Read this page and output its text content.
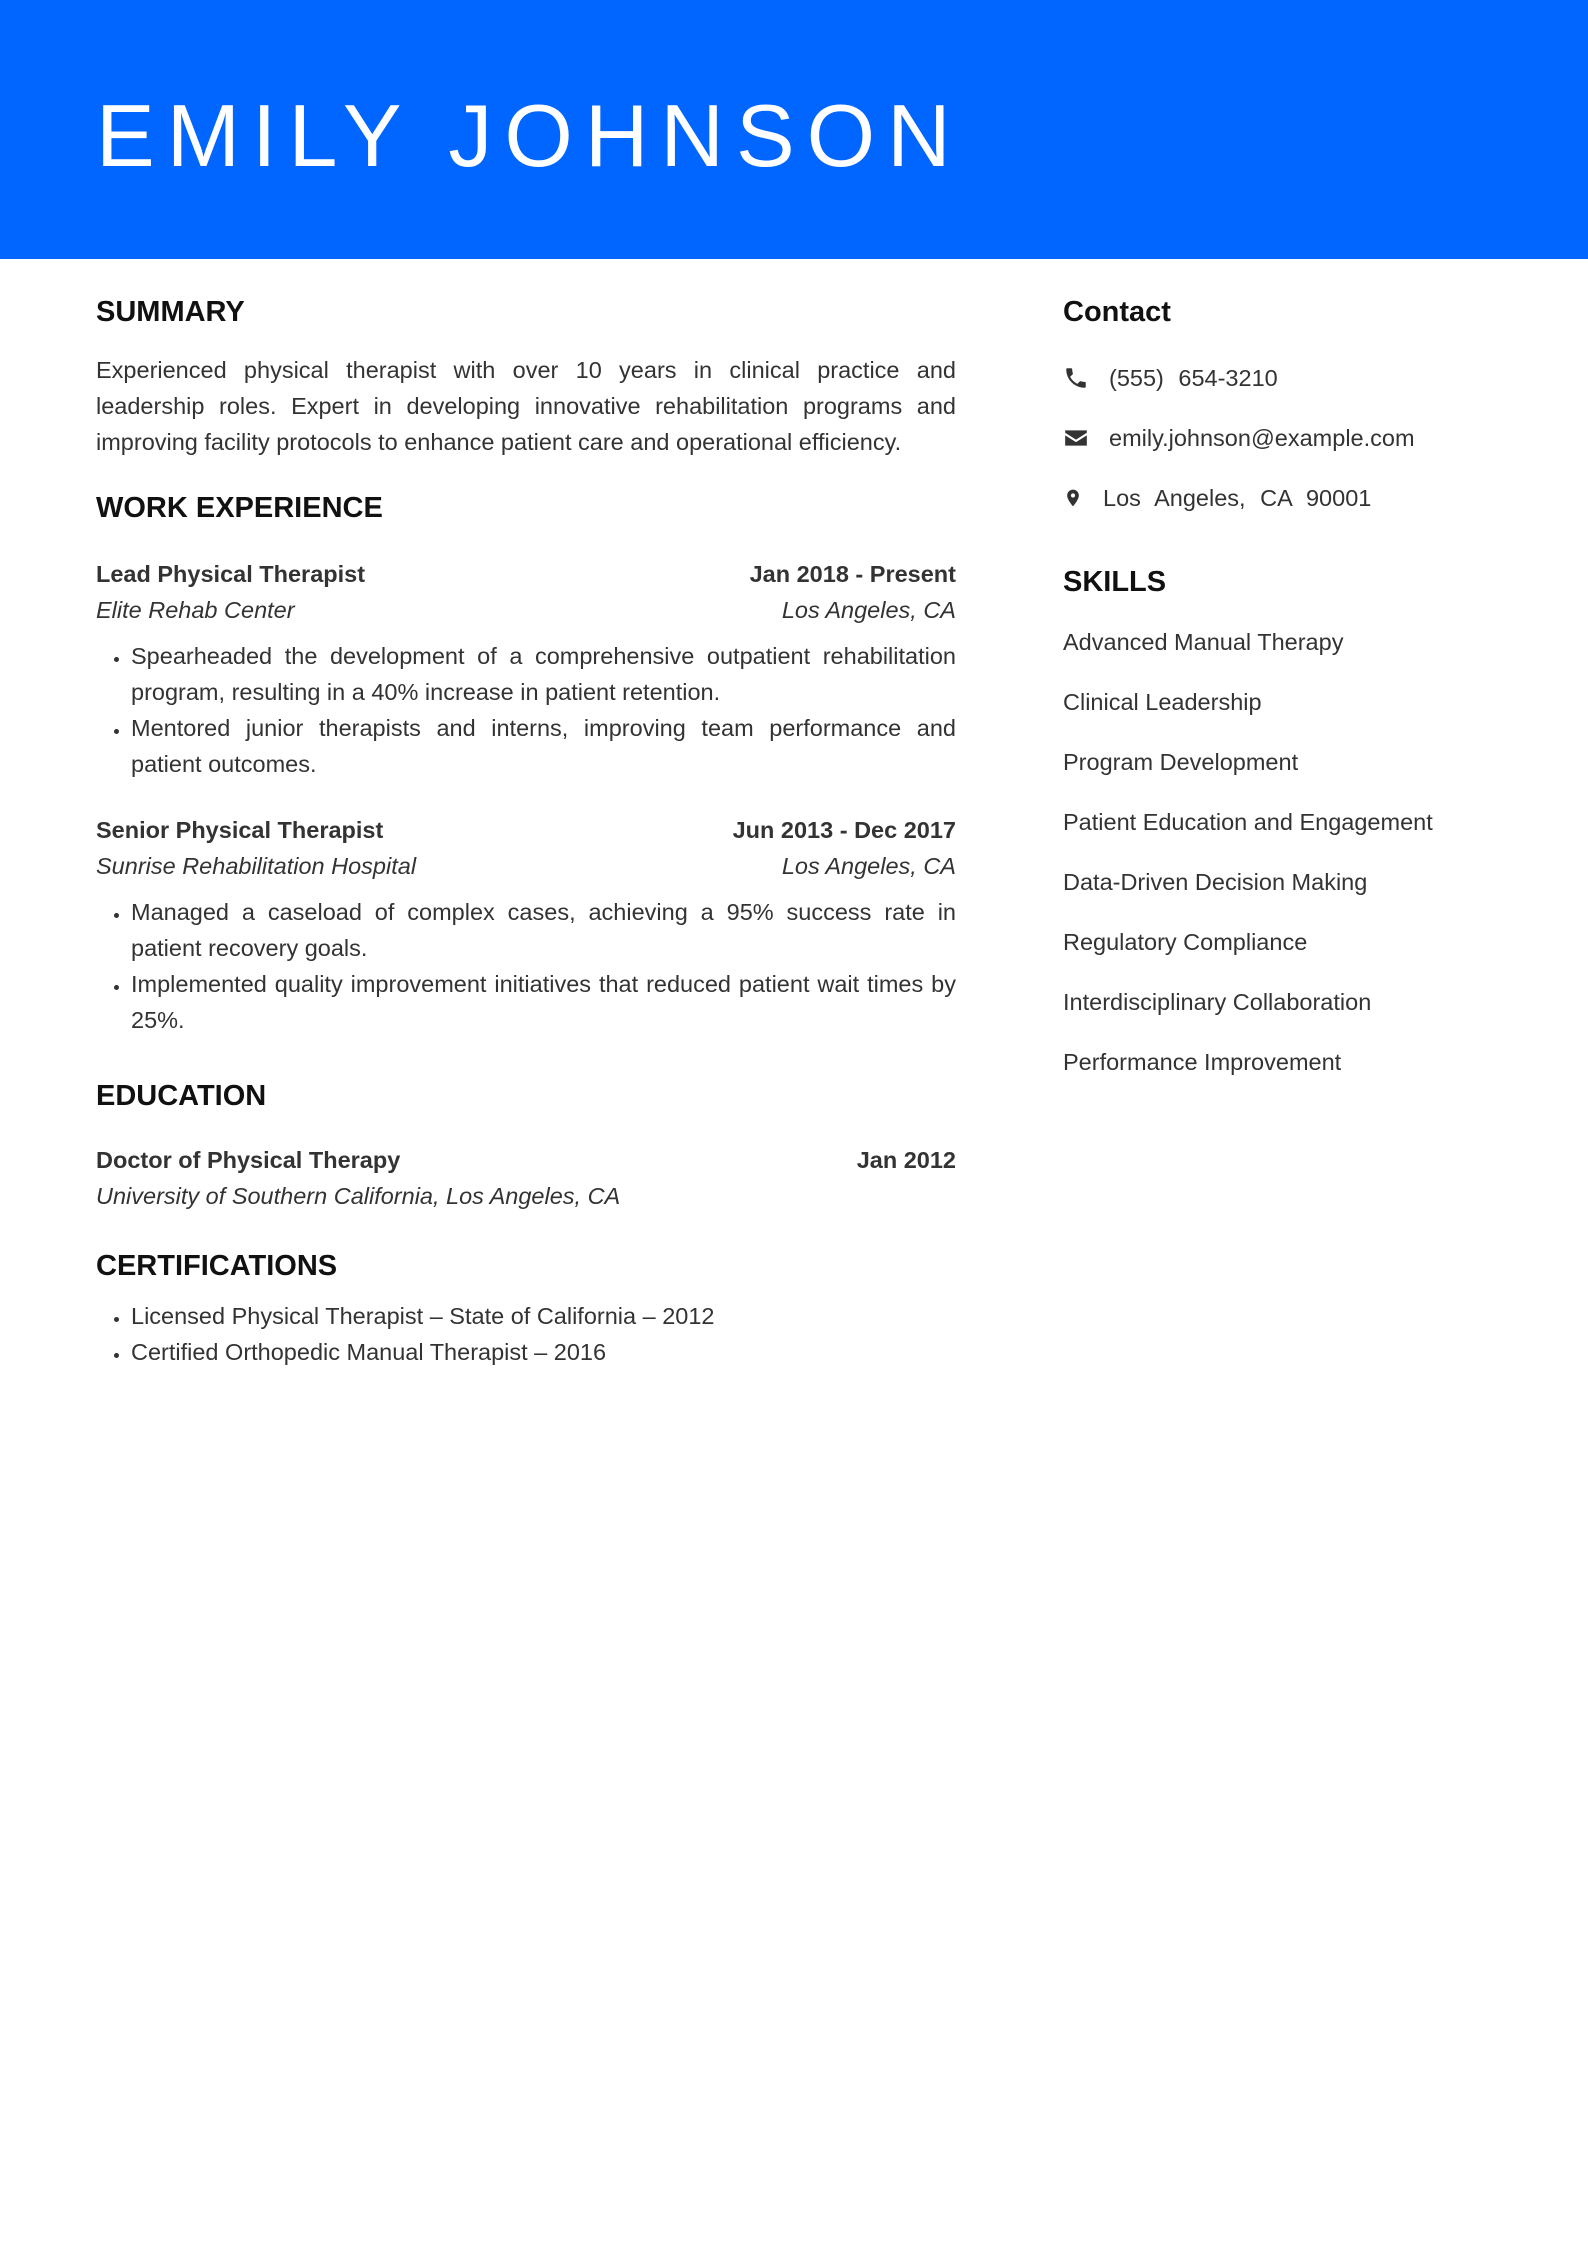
EMILY JOHNSON
SUMMARY

Experienced physical therapist with over 10 years in clinical practice and leadership roles. Expert in developing innovative rehabilitation programs and improving facility protocols to enhance patient care and operational efficiency.

WORK EXPERIENCE
Lead Physical Therapist	Jan 2018 - Present
Elite Rehab Center	Los Angeles, CA
• Spearheaded the development of a comprehensive outpatient rehabilitation program, resulting in a 40% increase in patient retention.
• Mentored junior therapists and interns, improving team performance and patient outcomes.
Senior Physical Therapist	Jun 2013 - Dec 2017
Sunrise Rehabilitation Hospital	Los Angeles, CA
• Managed a caseload of complex cases, achieving a 95% success rate in patient recovery goals.
• Implemented quality improvement initiatives that reduced patient wait times by 25%.
EDUCATION
Doctor of Physical Therapy	Jan 2012
University of Southern California, Los Angeles, CA
CERTIFICATIONS
• Licensed Physical Therapist – State of California – 2012
• Certified Orthopedic Manual Therapist – 2016
Contact
(555) 654-3210
emily.johnson@example.com
Los Angeles, CA 90001
SKILLS
Advanced Manual Therapy
Clinical Leadership
Program Development
Patient Education and Engagement
Data-Driven Decision Making
Regulatory Compliance
Interdisciplinary Collaboration
Performance Improvement
